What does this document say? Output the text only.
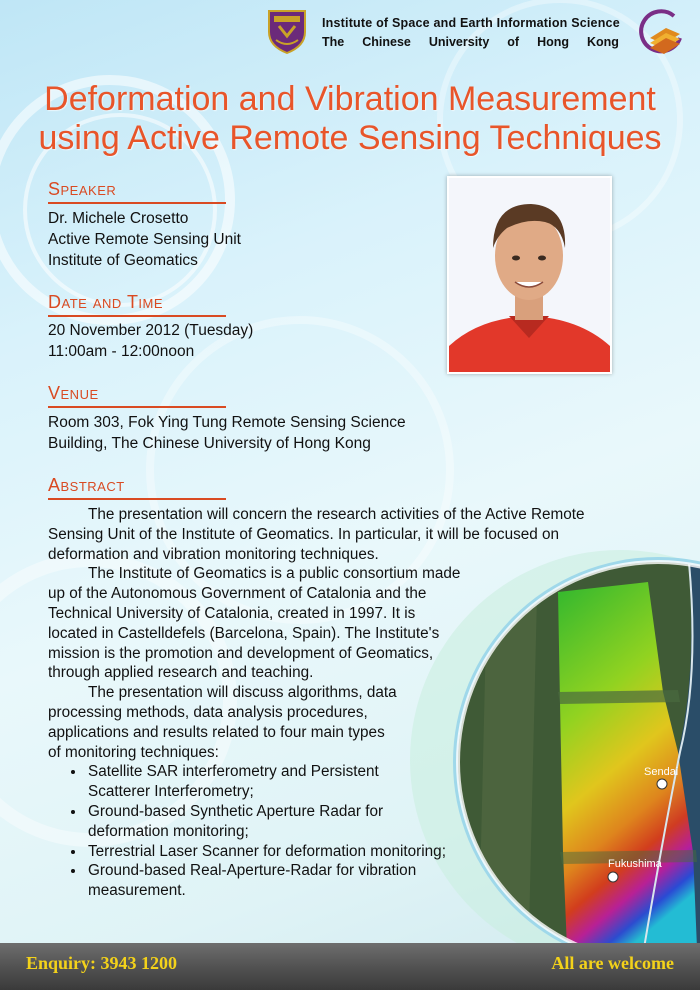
Institute of Space and Earth Information Science
The Chinese University of Hong Kong
Deformation and Vibration Measurement
using Active Remote Sensing Techniques
Speaker
Dr. Michele Crosetto
Active Remote Sensing Unit
Institute of Geomatics
Date and Time
20 November 2012 (Tuesday)
11:00am - 12:00noon
Venue
Room 303, Fok Ying Tung Remote Sensing Science
Building, The Chinese University of Hong Kong
Abstract
Sendai
Fukushima

The presentation will concern the research activities of the Active Remote

Sensing Unit of the Institute of Geomatics. In particular, it will be focused on

deformation and vibration monitoring techniques.

The Institute of Geomatics is a public consortium made

up of the Autonomous Government of Catalonia and the

Technical University of Catalonia, created in 1997. It is

located in Castelldefels (Barcelona, Spain). The Institute's

mission is the promotion and development of Geomatics,

through applied research and teaching.

The presentation will discuss algorithms, data

processing methods, data analysis procedures,

applications and results related to four main types

of monitoring techniques:

• Satellite SAR interferometry and Persistent
Scatterer Interferometry;
• Ground-based Synthetic Aperture Radar for
deformation monitoring;
• Terrestrial Laser Scanner for deformation monitoring;
• Ground-based Real-Aperture-Radar for vibration
measurement.
Enquiry: 3943 1200	All are welcome
